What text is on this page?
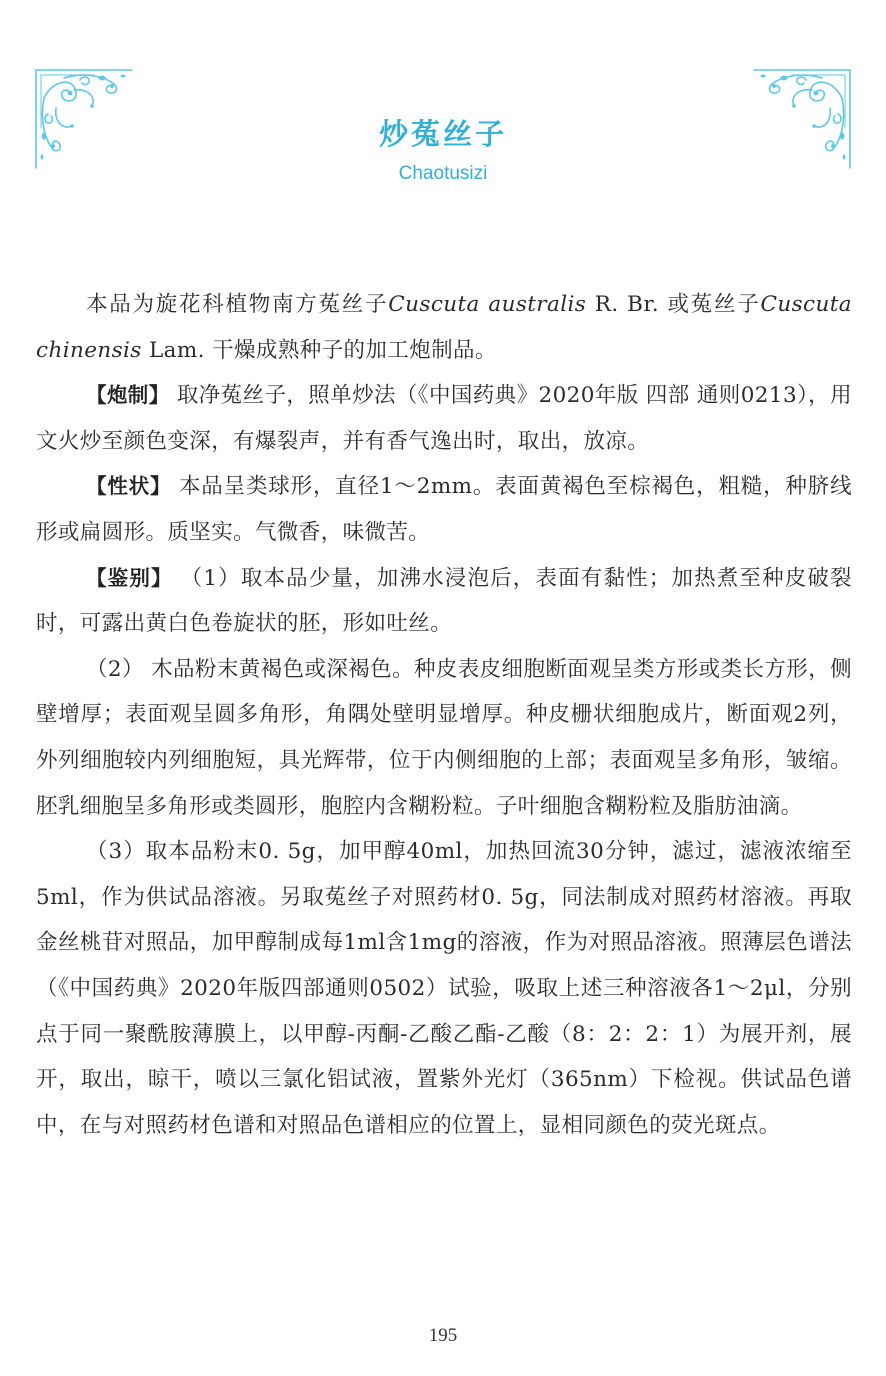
炒菟丝子
Chaotusizi

本品为旋花科植物南方菟丝子Cuscuta australis R. Br. 或菟丝子Cuscuta chinensis Lam. 干燥成熟种子的加工炮制品。

【炮制】 取净菟丝子，照单炒法（《中国药典》2020年版 四部 通则0213），用文火炒至颜色变深，有爆裂声，并有香气逸出时，取出，放凉。

【性状】 本品呈类球形，直径1～2mm。表面黄褐色至棕褐色，粗糙，种脐线形或扁圆形。质坚实。气微香，味微苦。

【鉴别】 （1）取本品少量，加沸水浸泡后，表面有黏性；加热煮至种皮破裂时，可露出黄白色卷旋状的胚，形如吐丝。

（2） 木品粉末黄褐色或深褐色。种皮表皮细胞断面观呈类方形或类长方形，侧壁增厚；表面观呈圆多角形，角隅处壁明显增厚。种皮栅状细胞成片，断面观2列，外列细胞较内列细胞短，具光辉带，位于内侧细胞的上部；表面观呈多角形，皱缩。胚乳细胞呈多角形或类圆形，胞腔内含糊粉粒。子叶细胞含糊粉粒及脂肪油滴。

（3）取本品粉末0. 5g，加甲醇40ml，加热回流30分钟，滤过，滤液浓缩至5ml，作为供试品溶液。另取菟丝子对照药材0. 5g，同法制成对照药材溶液。再取金丝桃苷对照品，加甲醇制成每1ml含1mg的溶液，作为对照品溶液。照薄层色谱法（《中国药典》2020年版四部通则0502）试验，吸取上述三种溶液各1～2μl，分别点于同一聚酰胺薄膜上，以甲醇-丙酮-乙酸乙酯-乙酸（8：2：2：1）为展开剂，展开，取出，晾干，喷以三氯化铝试液，置紫外光灯（365nm）下检视。供试品色谱中，在与对照药材色谱和对照品色谱相应的位置上，显相同颜色的荧光斑点。

195
